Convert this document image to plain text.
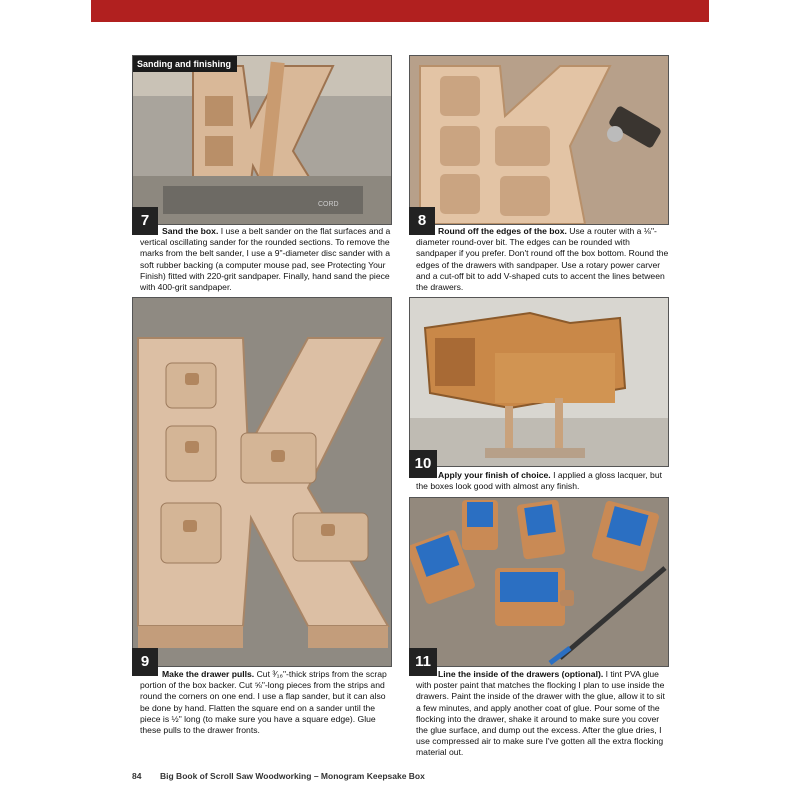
CORD
Sanding and finishing
7
Sand the box. I use a belt sander on the flat surfaces and a vertical oscillating sander for the rounded sections. To remove the marks from the belt sander, I use a 9"-diameter disc sander with a soft rubber backing (a computer mouse pad, see Protecting Your Finish) fitted with 220-grit sandpaper. Finally, hand sand the piece with 400-grit sandpaper.
8
Round off the edges of the box. Use a router with a ⅛"-diameter round-over bit. The edges can be rounded with sandpaper if you prefer. Don't round off the box bottom. Round the edges of the drawers with sandpaper. Use a rotary power carver and a cut-off bit to add V-shaped cuts to accent the lines between the drawers.
9
Make the drawer pulls. Cut ³⁄₁₆"-thick strips from the scrap portion of the box backer. Cut ⅝"-long pieces from the strips and round the corners on one end. I use a flap sander, but it can also be done by hand. Flatten the square end on a sander until the piece is ½" long (to make sure you have a square edge). Glue these pulls to the drawer fronts.
10
Apply your finish of choice. I applied a gloss lacquer, but the boxes look good with almost any finish.
11
Line the inside of the drawers (optional). I tint PVA glue with poster paint that matches the flocking I plan to use inside the drawers. Paint the inside of the drawer with the glue, allow it to sit a few minutes, and apply another coat of glue. Pour some of the flocking into the drawer, shake it around to make sure you cover the glue surface, and dump out the excess. After the glue dries, I use compressed air to make sure I've gotten all the extra flocking material out.
84 Big Book of Scroll Saw Woodworking – Monogram Keepsake Box
